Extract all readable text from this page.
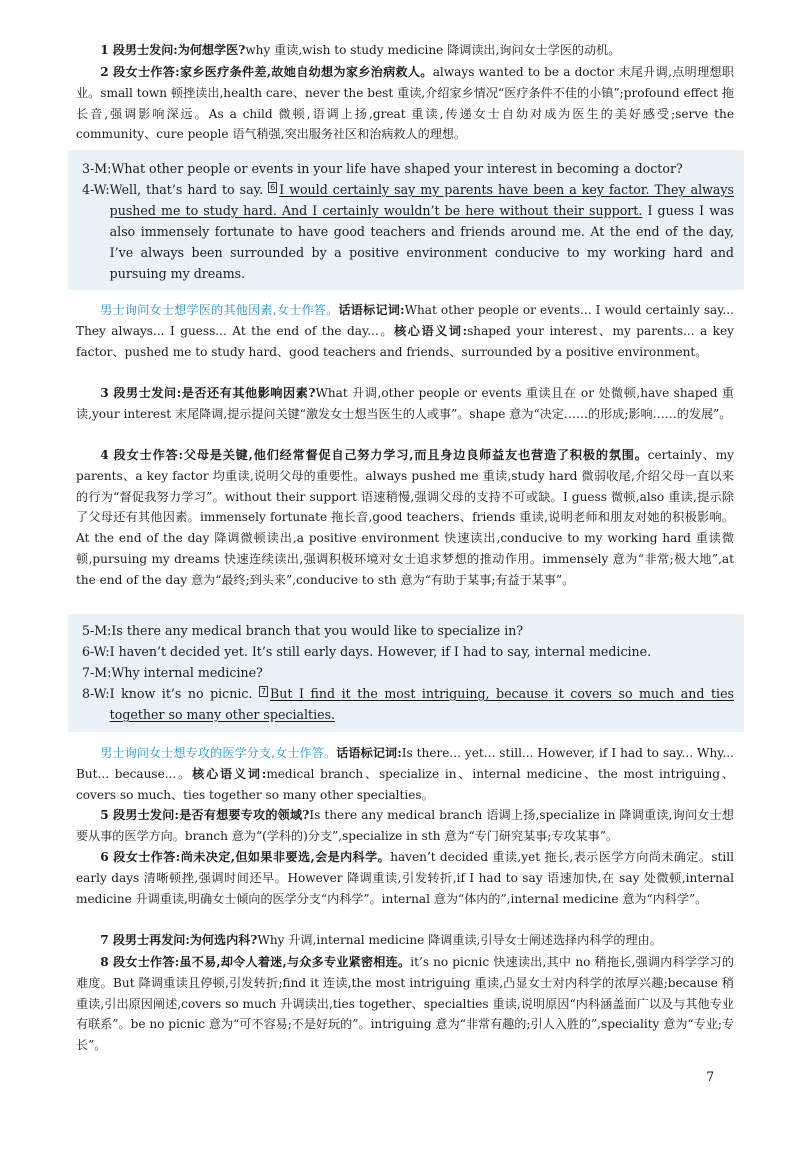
1 段男士发问:为何想学医?why 重读,wish to study medicine 降调读出,询问女士学医的动机。

2 段女士作答:家乡医疗条件差,故她自幼想为家乡治病救人。always wanted to be a doctor 末尾升调,点明理想职业。small town 顿挫读出,health care、never the best 重读,介绍家乡情况“医疗条件不佳的小镇”;profound effect 拖长音,强调影响深远。As a child 微顿,语调上扬,great 重读,传递女士自幼对成为医生的美好感受;serve the community、cure people 语气稍强,突出服务社区和治病救人的理想。

3-M: What other people or events in your life have shaped your interest in becoming a doctor?
4-W: Well, that’s hard to say. 6 I would certainly say my parents have been a key factor. They always pushed me to study hard. And I certainly wouldn’t be here without their support. I guess I was also immensely fortunate to have good teachers and friends around me. At the end of the day, I’ve always been surrounded by a positive environment conducive to my working hard and pursuing my dreams.

男士询问女士想学医的其他因素,女士作答。话语标记词:What other people or events... I would certainly say... They always... I guess... At the end of the day...。核心语义词:shaped your interest、my parents... a key factor、pushed me to study hard、good teachers and friends、surrounded by a positive environment。

3 段男士发问:是否还有其他影响因素?What 升调,other people or events 重读且在 or 处微顿,have shaped 重读,your interest 末尾降调,提示提问关键“激发女士想当医生的人或事”。shape 意为“决定……的形成;影响……的发展”。

4 段女士作答:父母是关键,他们经常督促自己努力学习,而且身边良师益友也营造了积极的氛围。certainly、my parents、a key factor 均重读,说明父母的重要性。always pushed me 重读,study hard 微弱收尾,介绍父母一直以来的行为“督促我努力学习”。without their support 语速稍慢,强调父母的支持不可或缺。I guess 微顿,also 重读,提示除了父母还有其他因素。immensely fortunate 拖长音,good teachers、friends 重读,说明老师和朋友对她的积极影响。At the end of the day 降调微顿读出,a positive environment 快速读出,conducive to my working hard 重读微顿,pursuing my dreams 快速连续读出,强调积极环境对女士追求梦想的推动作用。immensely 意为“非常;极大地”,at the end of the day 意为“最终;到头来”,conducive to sth 意为“有助于某事;有益于某事”。

5-M: Is there any medical branch that you would like to specialize in?
6-W: I haven’t decided yet. It’s still early days. However, if I had to say, internal medicine.
7-M: Why internal medicine?
8-W: I know it’s no picnic. 7 But I find it the most intriguing, because it covers so much and ties together so many other specialties.

男士询问女士想专攻的医学分支,女士作答。话语标记词:Is there... yet... still... However, if I had to say... Why... But... because...。核心语义词:medical branch、specialize in、internal medicine、the most intriguing、covers so much、ties together so many other specialties。

5 段男士发问:是否有想要专攻的领域?Is there any medical branch 语调上扬,specialize in 降调重读,询问女士想要从事的医学方向。branch 意为“(学科的)分支”,specialize in sth 意为“专门研究某事;专攻某事”。

6 段女士作答:尚未决定,但如果非要选,会是内科学。haven’t decided 重读,yet 拖长,表示医学方向尚未确定。still early days 清晰顿挫,强调时间还早。However 降调重读,引发转折,if I had to say 语速加快,在 say 处微顿,internal medicine 升调重读,明确女士倾向的医学分支“内科学”。internal 意为“体内的”,internal medicine 意为“内科学”。

7 段男士再发问:为何选内科?Why 升调,internal medicine 降调重读,引导女士阐述选择内科学的理由。

8 段女士作答:虽不易,却令人着迷,与众多专业紧密相连。it’s no picnic 快速读出,其中 no 稍拖长,强调内科学学习的难度。But 降调重读且停顿,引发转折;find it 连读,the most intriguing 重读,凸显女士对内科学的浓厚兴趣;because 稍重读,引出原因阐述,covers so much 升调读出,ties together、specialties 重读,说明原因“内科涵盖面广以及与其他专业有联系”。be no picnic 意为“可不容易;不是好玩的”。intriguing 意为“非常有趣的;引人入胜的”,speciality 意为“专业;专长”。

7
